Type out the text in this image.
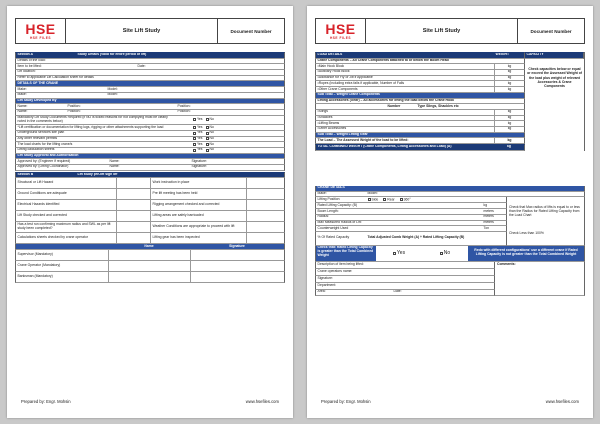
HSE
HSE FILES
Site Lift Study	Document Number
Section A	Study Details (Valid for entire period of lift)
Details of the load:
Item to be lifted:	Date:
Lift location:
Refer to applicable Lift Calculation sheet for details
DETAILS OF THE CRANE
Make:	Model:
Make:	Model:
Lift Study Developed By
Name:	Position:	Position:
Name:	Position:	Position:
Mandatory Lift Study Documents Required (if NO is ticked reasons for not complying must be clearly noted in the comments below)	Yes No
*Lift certification or documentation for lifting lugs, rigging or other attachments supporting the load	Yes No
Underground services site plan	Yes No
Any other relevant permits	Yes No
The load charts for the lifting crane/s	Yes No
Lifting calculation sheets	Yes No
Lift Study Approval and Authorisation
Approved by: (Engineer if required)	Name:	Signature:
Approved by: (Lifting Coordinator)	Name:	Signature:
Section B	Lift study pre-lift sign off
Structural or Lift Hazard	Work instruction in place
Ground Conditions are adequate	Pre lift meeting has been held
Electrical Hazards identified	Rigging arrangement checked and corrected
Lift Study checked and corrected	Lifting areas are safely barricaded
Has a test run confirming maximum radius and SWL as per lift study been completed?	Weather Conditions are appropriate to proceed with lift
Calculations sheets checked by crane operator	Lifting gear has been inspected
Name	Signature
Supervisor (Mandatory)
Crane Operator (Mandatory)
Banksman (Mandatory)
Prepared by: Engr. Mohsin	www.hsefiles.com
HSE
HSE FILES
Site Lift Study	Document Number
LOAD DETAILS	WEIGHT
Crane Components – All Crane Components attached to or below the Boom Head
• Main Hook Block	kg
• Auxiliary Hook Block	kg
• Allowance for Fly or Jib if Applicable	kg
• Ropes (including extra falls if applicable, Number of Falls	kg
• Other Crane Components	kg
Sub Total – Weight Crane Components
Lifting Accessories (Gear) – All accessories for lifting the load below the Crane Hook
Number	Type Slings, Shackles etc
• Slings	kg
• Shackles	kg
• Lifting Beams	kg
• Other Accessories	kg
Sub Total – Weight Lifting Gear
The Load – The Assessed Weight of the load to be lifted:	kg
TOTAL COMBINED WEIGHT (Crane Components, Lifting Accessories and Load) (A)	kg
CAPACITY
Check capacities below or equal or exceed the Assessed Weight of the load plus weight of relevant Accessories & Crane Components
CRANE DETAILS
Make:	Model:
Lifting Position	Side	Rear	360°
Rated Lifting Capacity: (B)	kg
Boom Length:	meters
Radius:	meters
Max Measured Radius of Lift:	meters
Counterweight Used	Ton
% Of Rated Capacity	Total Adjusted Comb Weight (A) ÷ Rated Lifting Capacity (B)
Check that Max radius of lifts is equal to or less than the Radius for Rated Lifting Capacity from the Load Chart
Check Less than 100%
Check that: Rated Lifting Capacity is greater than the Total Combined Weight	Yes	No	Redo with different configurations' use a different crane if Rated Lifting Capacity is not greater than the Total Combined Weight
Description of item being lifted:
Crane operators name:
Signature:
Department:
Area:	Date:
Comments:
Prepared by: Engr. Mohsin	www.hsefiles.com
